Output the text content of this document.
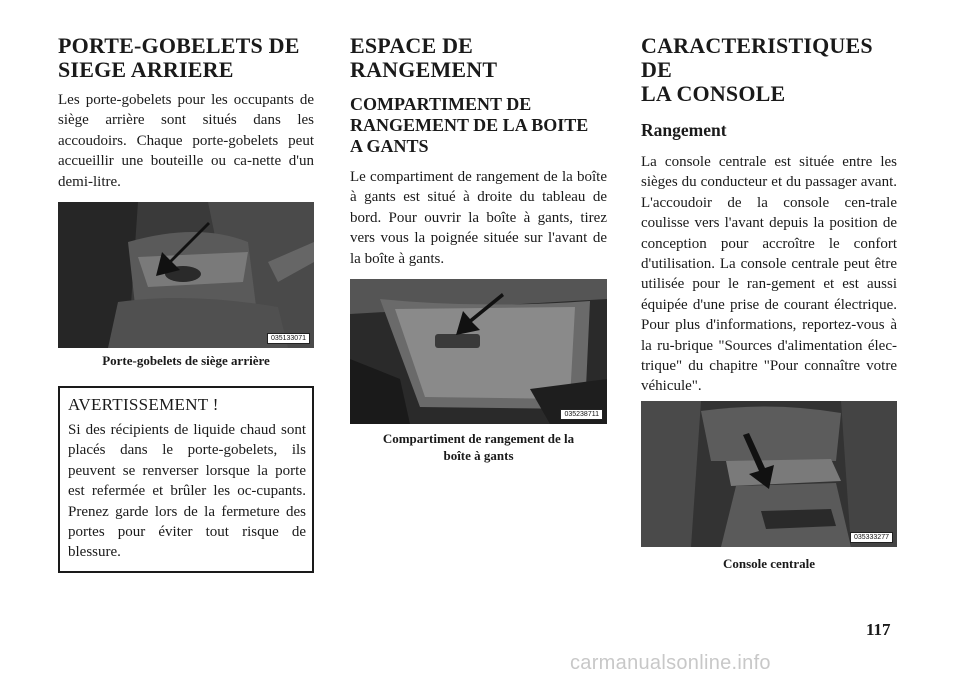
PORTE-GOBELETS DE
SIEGE ARRIERE

Les porte-gobelets pour les occupants de siège arrière sont situés dans les accoudoirs. Chaque porte-gobelets peut accueillir une bouteille ou ca-nette d'un demi-litre.

035133071
Porte-gobelets de siège arrière
AVERTISSEMENT !

Si des récipients de liquide chaud sont placés dans le porte-gobelets, ils peuvent se renverser lorsque la porte est refermée et brûler les oc-cupants. Prenez garde lors de la fermeture des portes pour éviter tout risque de blessure.

ESPACE DE
RANGEMENT
COMPARTIMENT DE
RANGEMENT DE LA BOITE
A GANTS

Le compartiment de rangement de la boîte à gants est situé à droite du tableau de bord. Pour ouvrir la boîte à gants, tirez vers vous la poignée située sur l'avant de la boîte à gants.

035238711
Compartiment de rangement de la
boîte à gants
CARACTERISTIQUES DE
LA CONSOLE
Rangement

La console centrale est située entre les sièges du conducteur et du passager avant. L'accoudoir de la console cen-trale coulisse vers l'avant depuis la position de conception pour accroître le confort d'utilisation. La console centrale peut être utilisée pour le ran-gement et est aussi équipée d'une prise de courant électrique. Pour plus d'informations, reportez-vous à la ru-brique "Sources d'alimentation élec-trique" du chapitre "Pour connaître votre véhicule".

035333277
Console centrale
117
carmanualsonline.info
